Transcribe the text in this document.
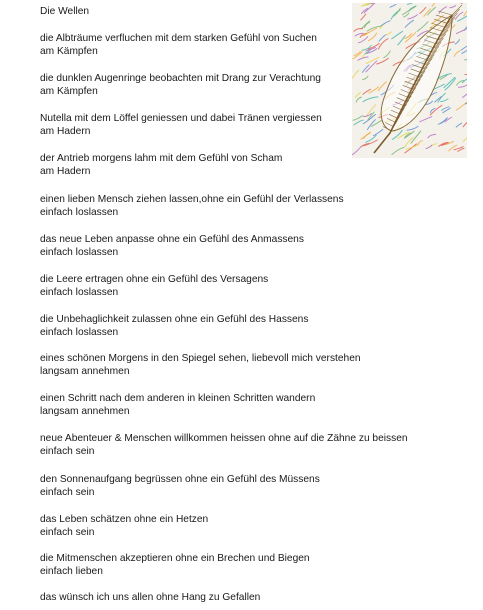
Die Wellen
die Albträume verfluchen mit dem starken Gefühl von Suchen
am Kämpfen
die dunklen Augenringe beobachten mit Drang zur Verachtung
am Kämpfen
Nutella mit dem Löffel geniessen und dabei Tränen vergiessen
am Hadern
der Antrieb morgens lahm mit dem Gefühl von Scham
am Hadern
einen lieben Mensch ziehen lassen,ohne ein Gefühl der Verlassens
einfach loslassen
das neue Leben anpasse ohne ein Gefühl des Anmassens
einfach loslassen
die Leere ertragen ohne ein Gefühl des Versagens
einfach loslassen
die Unbehaglichkeit zulassen ohne ein Gefühl des Hassens
einfach loslassen
eines schönen Morgens in den Spiegel sehen, liebevoll mich verstehen
langsam annehmen
einen Schritt nach dem anderen in kleinen Schritten wandern
langsam annehmen
neue Abenteuer & Menschen willkommen heissen ohne auf die Zähne zu beissen
einfach sein
den Sonnenaufgang begrüssen ohne ein Gefühl des Müssens
einfach sein
das Leben schätzen ohne ein Hetzen
einfach sein
die Mitmenschen akzeptieren ohne ein Brechen und Biegen
einfach lieben
das wünsch ich uns allen ohne Hang zu Gefallen
